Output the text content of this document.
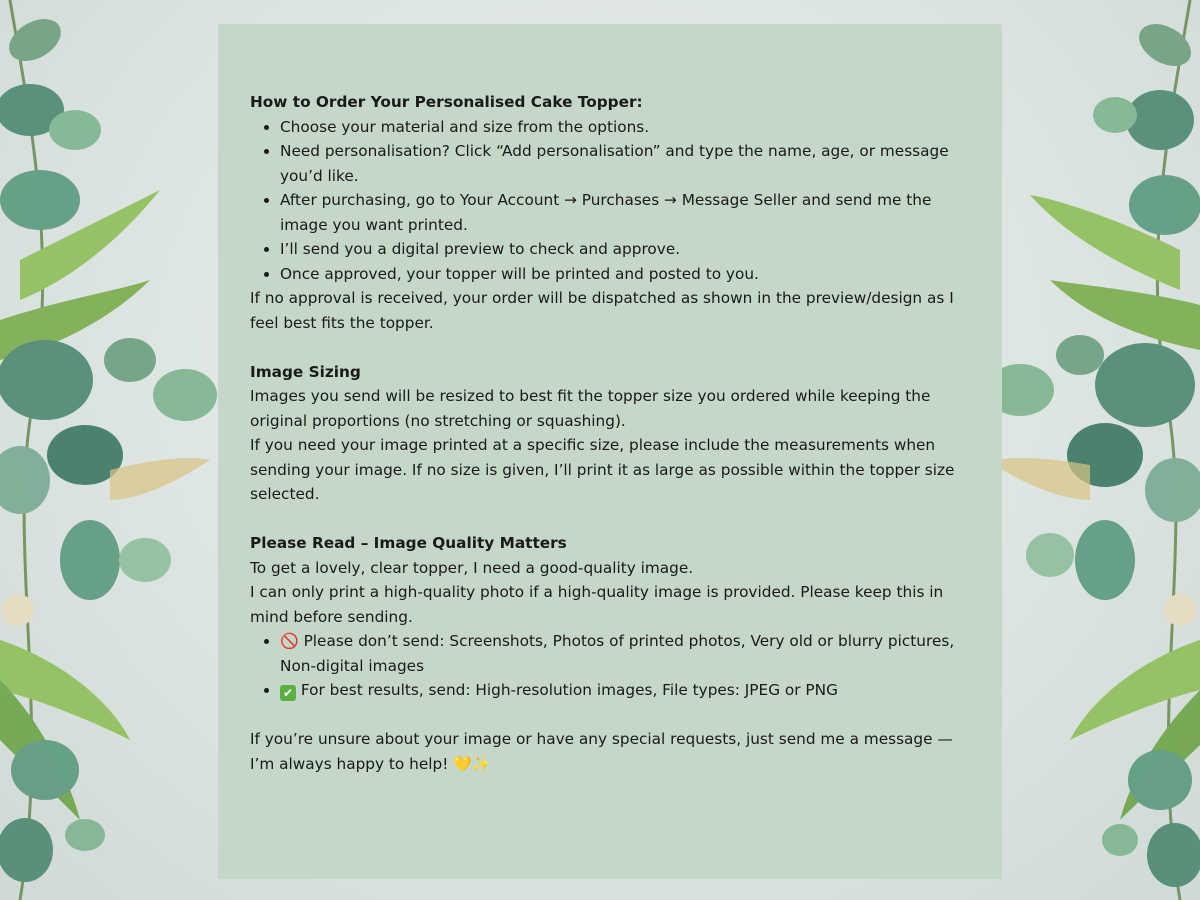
How to Order Your Personalised Cake Topper:

• Choose your material and size from the options.
• Need personalisation? Click “Add personalisation” and type the name, age, or message you’d like.
• After purchasing, go to Your Account → Purchases → Message Seller and send me the image you want printed.
• I’ll send you a digital preview to check and approve.
• Once approved, your topper will be printed and posted to you.

If no approval is received, your order will be dispatched as shown in the preview/design as I feel best fits the topper.

Image Sizing

Images you send will be resized to best fit the topper size you ordered while keeping the original proportions (no stretching or squashing).

If you need your image printed at a specific size, please include the measurements when sending your image. If no size is given, I’ll print it as large as possible within the topper size selected.

Please Read – Image Quality Matters

To get a lovely, clear topper, I need a good-quality image.

I can only print a high-quality photo if a high-quality image is provided. Please keep this in mind before sending.

• 🚫 Please don’t send: Screenshots, Photos of printed photos, Very old or blurry pictures, Non-digital images
• ✔ For best results, send: High-resolution images, File types: JPEG or PNG

If you’re unsure about your image or have any special requests, just send me a message — I’m always happy to help! 💛✨
